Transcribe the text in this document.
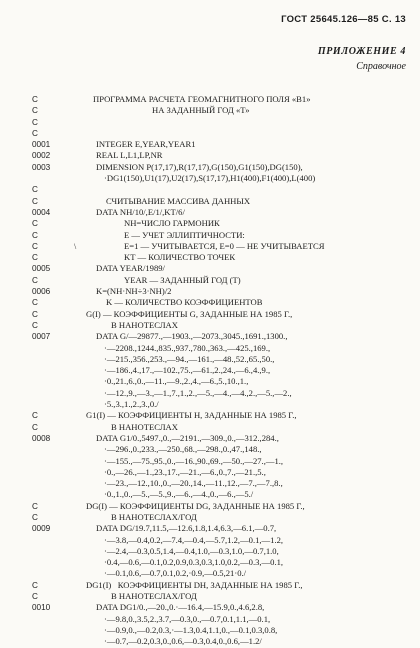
ГОСТ 25645.126—85 С. 13
ПРИЛОЖЕНИЕ 4
Справочное
C	ПРОГРАММА РАСЧЕТА ГЕОМАГНИТНОГО ПОЛЯ «В1»
C	НА ЗАДАННЫЙ ГОД «Т»
C
C
0001	INTEGER E,YEAR,YEAR1
0002	REAL L,L1,LP,NR
0003	DIMENSION P(17,17),R(17,17),G(150),G1(150),DG(150),
·DG1(150),U1(17),U2(17),S(17,17),H1(400),F1(400),L(400)
C
C	СЧИТЫВАНИЕ МАССИВА ДАННЫХ
0004	DATA NH/10/,E/1/,KT/6/
C	NH=ЧИСЛО ГАРМОНИК
C	E — УЧЕТ ЭЛЛИПТИЧНОСТИ:
C	\	E=1 — УЧИТЫВАЕТСЯ, E=0 — НЕ УЧИТЫВАЕТСЯ
C	KT — КОЛИЧЕСТВО ТОЧЕК
0005	DATA YEAR/1989/
C	YEAR — ЗАДАННЫЙ ГОД (Т)
0006	K=(NH·NH÷3·NH)/2
C	K — КОЛИЧЕСТВО КОЭФФИЦИЕНТОВ
C	G(I) — КОЭФФИЦИЕНТЫ G, ЗАДАННЫЕ НА 1985 Г.,
C	В НАНОТЕСЛАХ
0007	DATA G/—29877.,—1903.,—2073.,3045.,1691.,1300.,
·—2208.,1244.,835.,937.,780.,363.,—425.,169.,
·—215.,356.,253.,—94.,—161.,—48.,52.,65.,50.,
·—186.,4.,17.,—102.,75.,—61.,2.,24.,—6.,4.,9.,
·0.,21.,6.,0.,—11.,—9.,2.,4.,—6.,5.,10.,1.,
·—12.,9.,—3.,—1.,7.,1.,2.,—5.,—4.,—4.,2.,—5.,—2.,
·5.,3.,1.,2.,3.,0./
C	G1(I) — КОЭФФИЦИЕНТЫ Н, ЗАДАННЫЕ НА 1985 Г.,
C	В НАНОТЕСЛАХ
0008	DATA G1/0.,5497.,0.,—2191.,—309.,0.,—312.,284.,
·—296.,0.,233.,—250.,68.,—298.,0.,47.,148.,
·—155.,—75.,95.,0.,—16.,90.,69.,—50.,—27.,—1.,
·0.,—26.,—1.,23.,17.,—21.,—6.,0.,7.,—21.,5.,
·—23.,—12.,10.,0.,—20.,14.,—11.,12.,—7.,—7.,8.,
·0.,1.,0.,—5.,—5.,9.,—6.,—4.,0.,—6.,—5./
C	DG(I) — КОЭФФИЦИЕНТЫ DG, ЗАДАННЫЕ НА 1985 Г.,
C	В НАНОТЕСЛАХ/ГОД
0009	DATA DG/19.7,11.5,—12.6,1.8,1.4,6.3,—6.1,—0.7,
·—3.8,—0.4,0.2,—7.4,—0.4,—5.7,1.2,—0.1,—1.2,
·—2.4,—0.3,0.5,1.4,—0.4,1.0,—0.3,1.0,—0.7,1.0,
·0.4,—0.6,—0.1,0.2,0.9,0.3,0.3,1.0,0.2,—0.3,—0.1,
·—0.1,0.6,—0.7,0.1,0.2,·0.9,—0.5,21·0./
C	DG1(I)   КОЭФФИЦИЕНТЫ DH, ЗАДАННЫЕ НА 1985 Г.,
C	В НАНОТЕСЛАХ/ГОД
0010	DATA DG1/0.,—20.,0.·—16.4,—15.9,0.,4.6,2.8,
·—9.8,0.,3.5,2.,3.7,—0.3,0.,—0.7,0.1,1.1,—0.1,
·—0.9,0.,—0.2,0.3,·—1.3,0.4,1.1,0.,—0.1,0.3,0.8,
·—0.7,—0.2,0.3,0.,0.6,—0.3,0.4,0.,0.6,—1.2/
